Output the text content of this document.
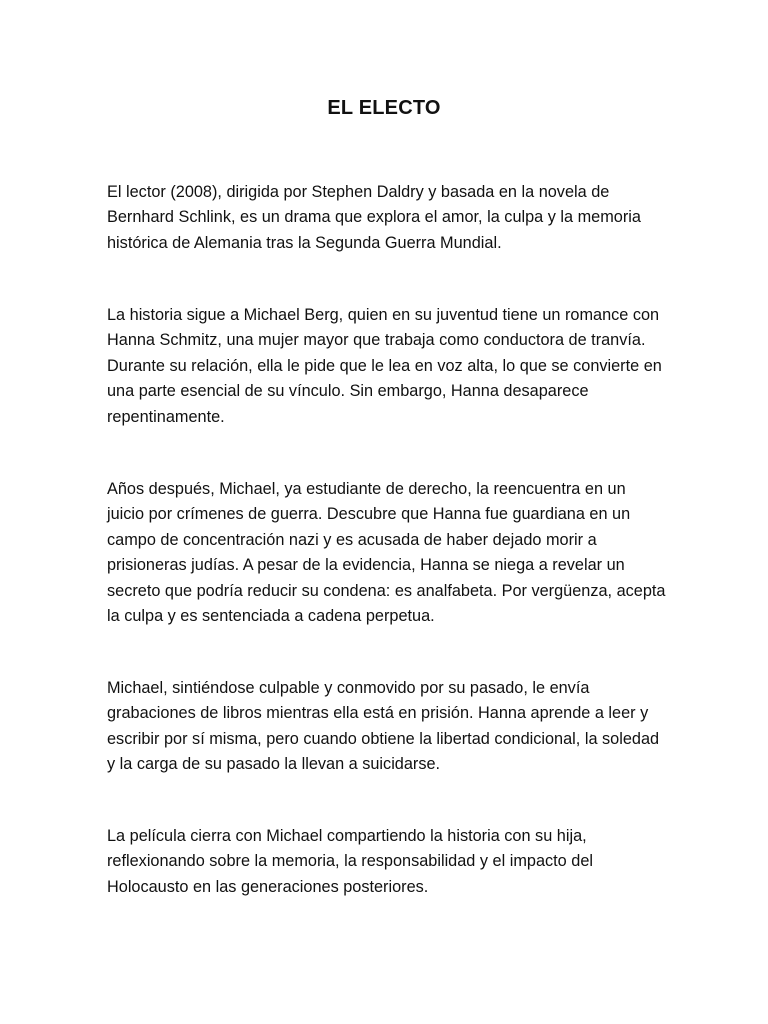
EL ELECTO

El lector (2008), dirigida por Stephen Daldry y basada en la novela de Bernhard Schlink, es un drama que explora el amor, la culpa y la memoria histórica de Alemania tras la Segunda Guerra Mundial.

La historia sigue a Michael Berg, quien en su juventud tiene un romance con Hanna Schmitz, una mujer mayor que trabaja como conductora de tranvía. Durante su relación, ella le pide que le lea en voz alta, lo que se convierte en una parte esencial de su vínculo. Sin embargo, Hanna desaparece repentinamente.

Años después, Michael, ya estudiante de derecho, la reencuentra en un juicio por crímenes de guerra. Descubre que Hanna fue guardiana en un campo de concentración nazi y es acusada de haber dejado morir a prisioneras judías. A pesar de la evidencia, Hanna se niega a revelar un secreto que podría reducir su condena: es analfabeta. Por vergüenza, acepta la culpa y es sentenciada a cadena perpetua.

Michael, sintiéndose culpable y conmovido por su pasado, le envía grabaciones de libros mientras ella está en prisión. Hanna aprende a leer y escribir por sí misma, pero cuando obtiene la libertad condicional, la soledad y la carga de su pasado la llevan a suicidarse.

La película cierra con Michael compartiendo la historia con su hija, reflexionando sobre la memoria, la responsabilidad y el impacto del Holocausto en las generaciones posteriores.
